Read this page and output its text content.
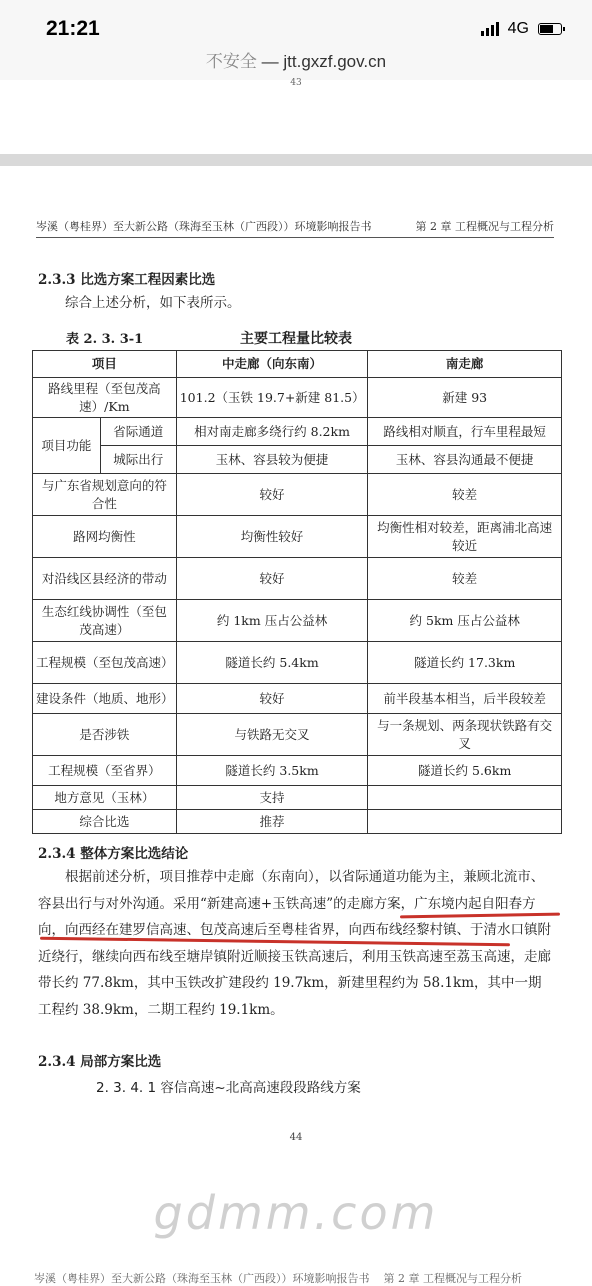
21:21	4G
不安全 — jtt.gxzf.gov.cn
43
岑溪（粤桂界）至大新公路（珠海至玉林（广西段））环境影响报告书	第 2 章 工程概况与工程分析
2.3.3 比选方案工程因素比选
综合上述分析，如下表所示。
表 2. 3. 3-1	主要工程量比较表
项目		中走廊（向东南）	南走廊
路线里程（至包茂高速）/Km		101.2（玉铁 19.7+新建 81.5）	新建 93
项目功能	省际通道	相对南走廊多绕行约 8.2km	路线相对顺直，行车里程最短
	城际出行	玉林、容县较为便捷	玉林、容县沟通最不便捷
与广东省规划意向的符合性		较好	较差
路网均衡性		均衡性较好	均衡性相对较差，距离浦北高速较近
对沿线区县经济的带动		较好	较差
生态红线协调性（至包茂高速）		约 1km 压占公益林	约 5km 压占公益林
工程规模（至包茂高速）		隧道长约 5.4km	隧道长约 17.3km
建设条件（地质、地形）		较好	前半段基本相当，后半段较差
是否涉铁		与铁路无交叉	与一条规划、两条现状铁路有交叉
工程规模（至省界）		隧道长约 3.5km	隧道长约 5.6km
地方意见（玉林）		支持	
综合比选		推荐	
2.3.4 整体方案比选结论
根据前述分析，项目推荐中走廊（东南向），以省际通道功能为主，兼顾北流市、容县出行与对外沟通。采用“新建高速+玉铁高速”的走廊方案，广东境内起自阳春方向，向西经在建罗信高速、包茂高速后至粤桂省界，向西布线经黎村镇、于清水口镇附近绕行，继续向西布线至塘岸镇附近顺接玉铁高速后，利用玉铁高速至荔玉高速，走廊带长约 77.8km，其中玉铁改扩建段约 19.7km，新建里程约为 58.1km，其中一期工程约 38.9km，二期工程约 19.1km。
2.3.4 局部方案比选
2. 3. 4. 1 容信高速~北高高速段段路线方案
44
gdmm.com
岑溪（粤桂界）至大新公路（珠海至玉林（广西段））环境影响报告书 第 2 章 工程概况与工程分析
